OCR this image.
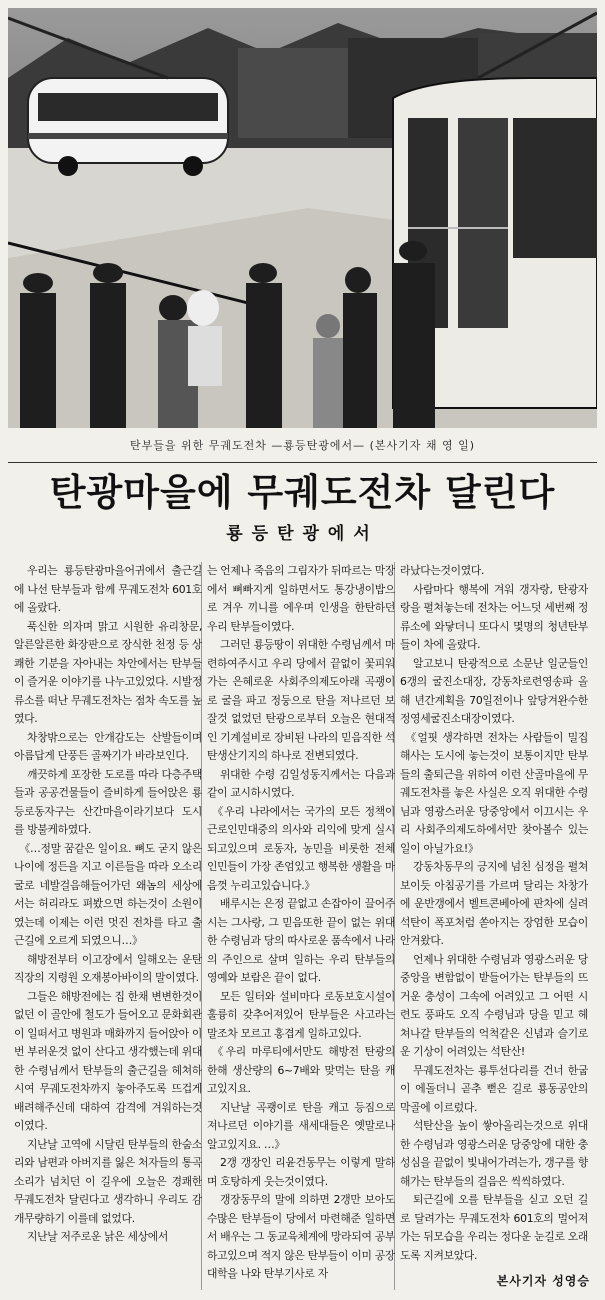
탄부들을 위한 무궤도전차 —룡등탄광에서— (본사기자 채 영 일)
탄광마을에 무궤도전차 달린다
룡등탄광에서

우리는 룡등탄광마을어귀에서 출근길에 나선 탄부들과 함께 무궤도전차 601호에 올랐다.

푹신한 의자며 맑고 시원한 유리창문, 알른알른한 화장판으로 장식한 천정 등 상쾌한 기분을 자아내는 차안에서는 탄부들이 즐거운 이야기를 나누고있었다. 시발정류소를 떠난 무궤도전차는 점차 속도를 높였다.

차창밖으로는 안개감도는 산발들이며 아름답게 단풍든 골짜기가 바라보인다.

깨끗하게 포장한 도로를 따라 다층주택들과 공공건물들이 즐비하게 들어앉은 룡등로동자구는 산간마을이라기보다 도시를 방불케하였다.

《…정말 꿈같은 일이요. 뼈도 굳지 않은 나이에 정든을 지고 이른들을 따라 오소리굴로 네발걸음해들어가던 왜놈의 세상에서는 허리라도 펴봤으면 하는것이 소원이였는데 이제는 이런 멋진 전차를 타고 출근길에 오르게 되였으니…》

해방전부터 이고장에서 일해오는 운탄직장의 지령원 오재봉아바이의 말이였다.

그들은 해방전에는 집 한채 변변한것이 없던 이 골안에 철도가 들어오고 문화회관이 일떠서고 병원과 매화까지 들어앉아 이번 부러운것 없이 산다고 생각했는데 위대한 수령님께서 탄부들의 출근길을 헤쳐하시여 무궤도전차까지 놓아주도록 뜨겁게 배려해주신데 대하여 감격에 겨워하는것이였다.

지난날 고역에 시달린 탄부들의 한숨소리와 남편과 아버지를 잃은 처자들의 통곡소리가 넘치던 이 길우에 오늘은 경쾌한 무궤도전차 달린다고 생각하니 우리도 감개무량하기 이를데 없었다.

지난날 저주로운 낡은 세상에서

는 언제나 죽음의 그림자가 뒤따르는 막장에서 뼈빠지게 일하면서도 통강냉이밥으로 겨우 끼니를 에우며 인생을 한탄하던 우리 탄부들이였다.

그러던 룡등땅이 위대한 수령님께서 마련하여주시고 우리 당에서 끝없이 꽃피워가는 은혜로운 사회주의제도아래 곡괭이로 굴을 파고 정둥으로 탄을 져나르던 보잘것 없었던 탄광으로부터 오늘은 현대적인 기계설비로 장비된 나라의 믿음직한 석탄생산기지의 하나로 전변되였다.

위대한 수령 김일성동지께서는 다음과 같이 교시하시였다.

《우리 나라에서는 국가의 모든 정책이 근로인민대중의 의사와 리익에 맞게 실시되고있으며 로동자, 농민을 비롯한 전체 인민들이 가장 존엄있고 행복한 생활을 마음껏 누리고있습니다.》

배루시는 은정 끝없고 손잡아이 끌어주시는 그사랑, 그 믿음또한 끝이 없는 위대한 수령님과 당의 따사로운 품속에서 나라의 주인으로 살며 일하는 우리 탄부들의 영예와 보람은 끝이 없다.

모든 일터와 설비마다 로동보호시설이 훌륭히 갖추어져있어 탄부들은 사고라는 말조차 모르고 홍겹게 일하고있다.

《우리 마루티에서만도 해방전 탄광의 한해 생산량의 6~7배와 맞먹는 탄을 캐고있지요.

지난날 곡괭이로 탄을 캐고 등짐으로 져나르던 이야기를 새세대들은 옛말로나 알고있지요. …》

2갱 갱장인 리윤건동무는 이렇게 말하며 호탕하게 웃는것이였다.

갱장동무의 말에 의하면 2갱만 보아도 수많은 탄부들이 당에서 마련해준 일하면서 배우는 그 동교육체계에 망라되여 공부하고있으며 적지 않은 탄부들이 이미 공장대학을 나와 탄부기사로 자

라났다는것이였다.

사람마다 행복에 겨워 갱자랑, 탄광자랑을 펼쳐놓는데 전차는 어느덧 세번째 정류소에 와닿더니 또다시 몇명의 청년탄부들이 차에 올랐다.

알고보니 탄광적으로 소문난 일군들인 6갱의 굴진소대장, 강동차로련영송파 올해 년간계획을 70일전이나 앞당겨완수한 정영세굴진소대장이였다.

《얼핏 생각하면 전차는 사람들이 밀집해사는 도시에 놓는것이 보통이지만 탄부들의 출퇴근을 위하여 이런 산골마을에 무궤도전차를 놓은 사실은 오직 위대한 수령님과 영광스러운 당중앙에서 이끄시는 우리 사회주의제도하에서만 찾아볼수 있는 일이 아닐가요!》

강동차동무의 긍지에 넘친 심정을 펼쳐보이듯 아침공기를 가르며 달리는 차창가에 운반갱에서 벨트콘베아에 판차에 실려 석탄이 폭포처럼 쏟아지는 장엄한 모습이 안겨왔다.

언제나 위대한 수령님과 영광스러운 당중앙을 변함없이 받들어가는 탄부들의 뜨거운 충성이 그속에 어려있고 그 어떤 시련도 풍파도 오직 수령님과 당을 믿고 헤쳐나갈 탄부들의 억척같은 신념과 슬기로운 기상이 어려있는 석탄산!

무궤도전차는 룡투선다리를 건너 한굽이 에돌더니 곧추 뻗은 길로 룡동공안의 막골에 이르렀다.

석탄산을 높이 쌓아올리는것으로 위대한 수령님과 영광스러운 당중앙에 대한 충성심을 끝없이 빛내어가려는가, 갱구를 향해가는 탄부들의 걸음은 씩씩하였다.

퇴근길에 오를 탄부들을 싣고 오던 길로 달려가는 무궤도전차 601호의 멀어져가는 뒤모습을 우리는 정다운 눈길로 오래도록 지켜보았다.

본사기자 성영승
